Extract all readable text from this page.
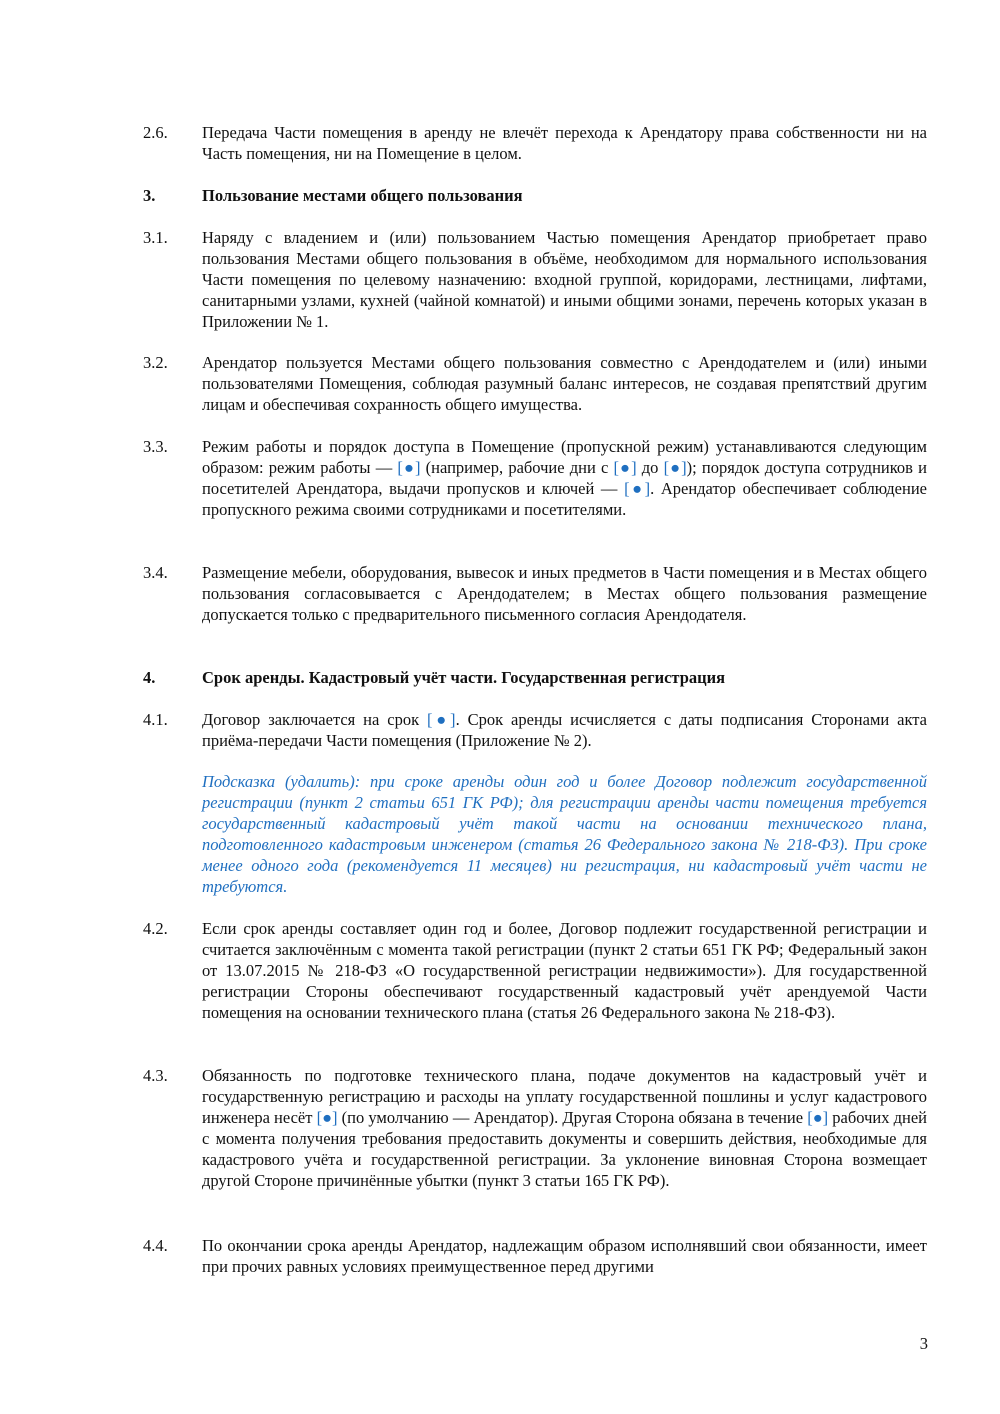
2.6.	Передача Части помещения в аренду не влечёт перехода к Арендатору права собственности ни на Часть помещения, ни на Помещение в целом.
3.	Пользование местами общего пользования
3.1.	Наряду с владением и (или) пользованием Частью помещения Арендатор приобретает право пользования Местами общего пользования в объёме, необходимом для нормального использования Части помещения по целевому назначению: входной группой, коридорами, лестницами, лифтами, санитарными узлами, кухней (чайной комнатой) и иными общими зонами, перечень которых указан в Приложении № 1.
3.2.	Арендатор пользуется Местами общего пользования совместно с Арендодателем и (или) иными пользователями Помещения, соблюдая разумный баланс интересов, не создавая препятствий другим лицам и обеспечивая сохранность общего имущества.
3.3.	Режим работы и порядок доступа в Помещение (пропускной режим) устанавливаются следующим образом: режим работы — [●] (например, рабочие дни с [●] до [●]); порядок доступа сотрудников и посетителей Арендатора, выдачи пропусков и ключей — [●]. Арендатор обеспечивает соблюдение пропускного режима своими сотрудниками и посетителями.
3.4.	Размещение мебели, оборудования, вывесок и иных предметов в Части помещения и в Местах общего пользования согласовывается с Арендодателем; в Местах общего пользования размещение допускается только с предварительного письменного согласия Арендодателя.
4.	Срок аренды. Кадастровый учёт части. Государственная регистрация
4.1.	Договор заключается на срок [●]. Срок аренды исчисляется с даты подписания Сторонами акта приёма-передачи Части помещения (Приложение № 2).
Подсказка (удалить): при сроке аренды один год и более Договор подлежит государственной регистрации (пункт 2 статьи 651 ГК РФ); для регистрации аренды части помещения требуется государственный кадастровый учёт такой части на основании технического плана, подготовленного кадастровым инженером (статья 26 Федерального закона № 218-ФЗ). При сроке менее одного года (рекомендуется 11 месяцев) ни регистрация, ни кадастровый учёт части не требуются.
4.2.	Если срок аренды составляет один год и более, Договор подлежит государственной регистрации и считается заключённым с момента такой регистрации (пункт 2 статьи 651 ГК РФ; Федеральный закон от 13.07.2015 № 218-ФЗ «О государственной регистрации недвижимости»). Для государственной регистрации Стороны обеспечивают государственный кадастровый учёт арендуемой Части помещения на основании технического плана (статья 26 Федерального закона № 218-ФЗ).
4.3.	Обязанность по подготовке технического плана, подаче документов на кадастровый учёт и государственную регистрацию и расходы на уплату государственной пошлины и услуг кадастрового инженера несёт [●] (по умолчанию — Арендатор). Другая Сторона обязана в течение [●] рабочих дней с момента получения требования предоставить документы и совершить действия, необходимые для кадастрового учёта и государственной регистрации. За уклонение виновная Сторона возмещает другой Стороне причинённые убытки (пункт 3 статьи 165 ГК РФ).
4.4.	По окончании срока аренды Арендатор, надлежащим образом исполнявший свои обязанности, имеет при прочих равных условиях преимущественное перед другими
3
